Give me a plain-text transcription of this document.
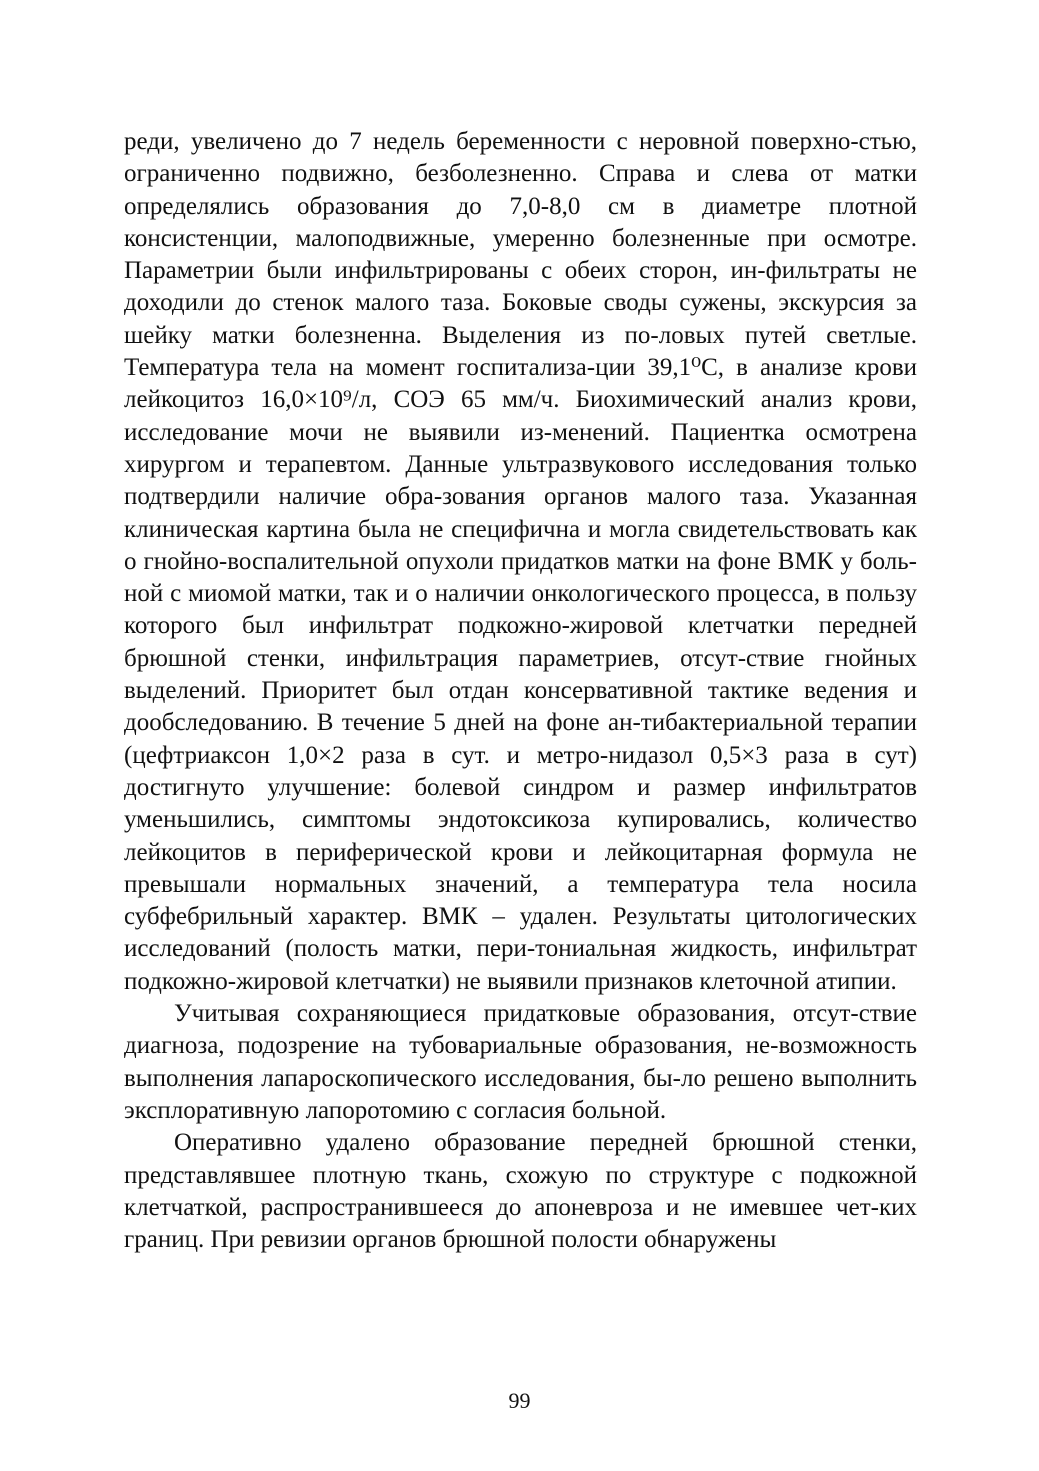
реди, увеличено до 7 недель беременности с неровной поверхно-стью, ограниченно подвижно, безболезненно. Справа и слева от матки определялись образования до 7,0-8,0 см в диаметре плотной консистенции, малоподвижные, умеренно болезненные при осмотре. Параметрии были инфильтрированы с обеих сторон, ин-фильтраты не доходили до стенок малого таза. Боковые своды сужены, экскурсия за шейку матки болезненна. Выделения из по-ловых путей светлые. Температура тела на момент госпитализа-ции 39,1⁰С, в анализе крови лейкоцитоз 16,0×10⁹/л, СОЭ 65 мм/ч. Биохимический анализ крови, исследование мочи не выявили из-менений. Пациентка осмотрена хирургом и терапевтом. Данные ультразвукового исследования только подтвердили наличие обра-зования органов малого таза. Указанная клиническая картина была не специфична и могла свидетельствовать как о гнойно-воспалительной опухоли придатков матки на фоне ВМК у боль-ной с миомой матки, так и о наличии онкологического процесса, в пользу которого был инфильтрат подкожно-жировой клетчатки передней брюшной стенки, инфильтрация параметриев, отсут-ствие гнойных выделений. Приоритет был отдан консервативной тактике ведения и дообследованию. В течение 5 дней на фоне ан-тибактериальной терапии (цефтриаксон 1,0×2 раза в сут. и метро-нидазол 0,5×3 раза в сут) достигнуто улучшение: болевой синдром и размер инфильтратов уменьшились, симптомы эндотоксикоза купировались, количество лейкоцитов в периферической крови и лейкоцитарная формула не превышали нормальных значений, а температура тела носила субфебрильный характер. ВМК – удален. Результаты цитологических исследований (полость матки, пери-тониальная жидкость, инфильтрат подкожно-жировой клетчатки) не выявили признаков клеточной атипии.

Учитывая сохраняющиеся придатковые образования, отсут-ствие диагноза, подозрение на тубовариальные образования, не-возможность выполнения лапароскопического исследования, бы-ло решено выполнить эксплоративную лапоротомию с согласия больной.

Оперативно удалено образование передней брюшной стенки, представлявшее плотную ткань, схожую по структуре с подкожной клетчаткой, распространившееся до апоневроза и не имевшее чет-ких границ. При ревизии органов брюшной полости обнаружены

99
